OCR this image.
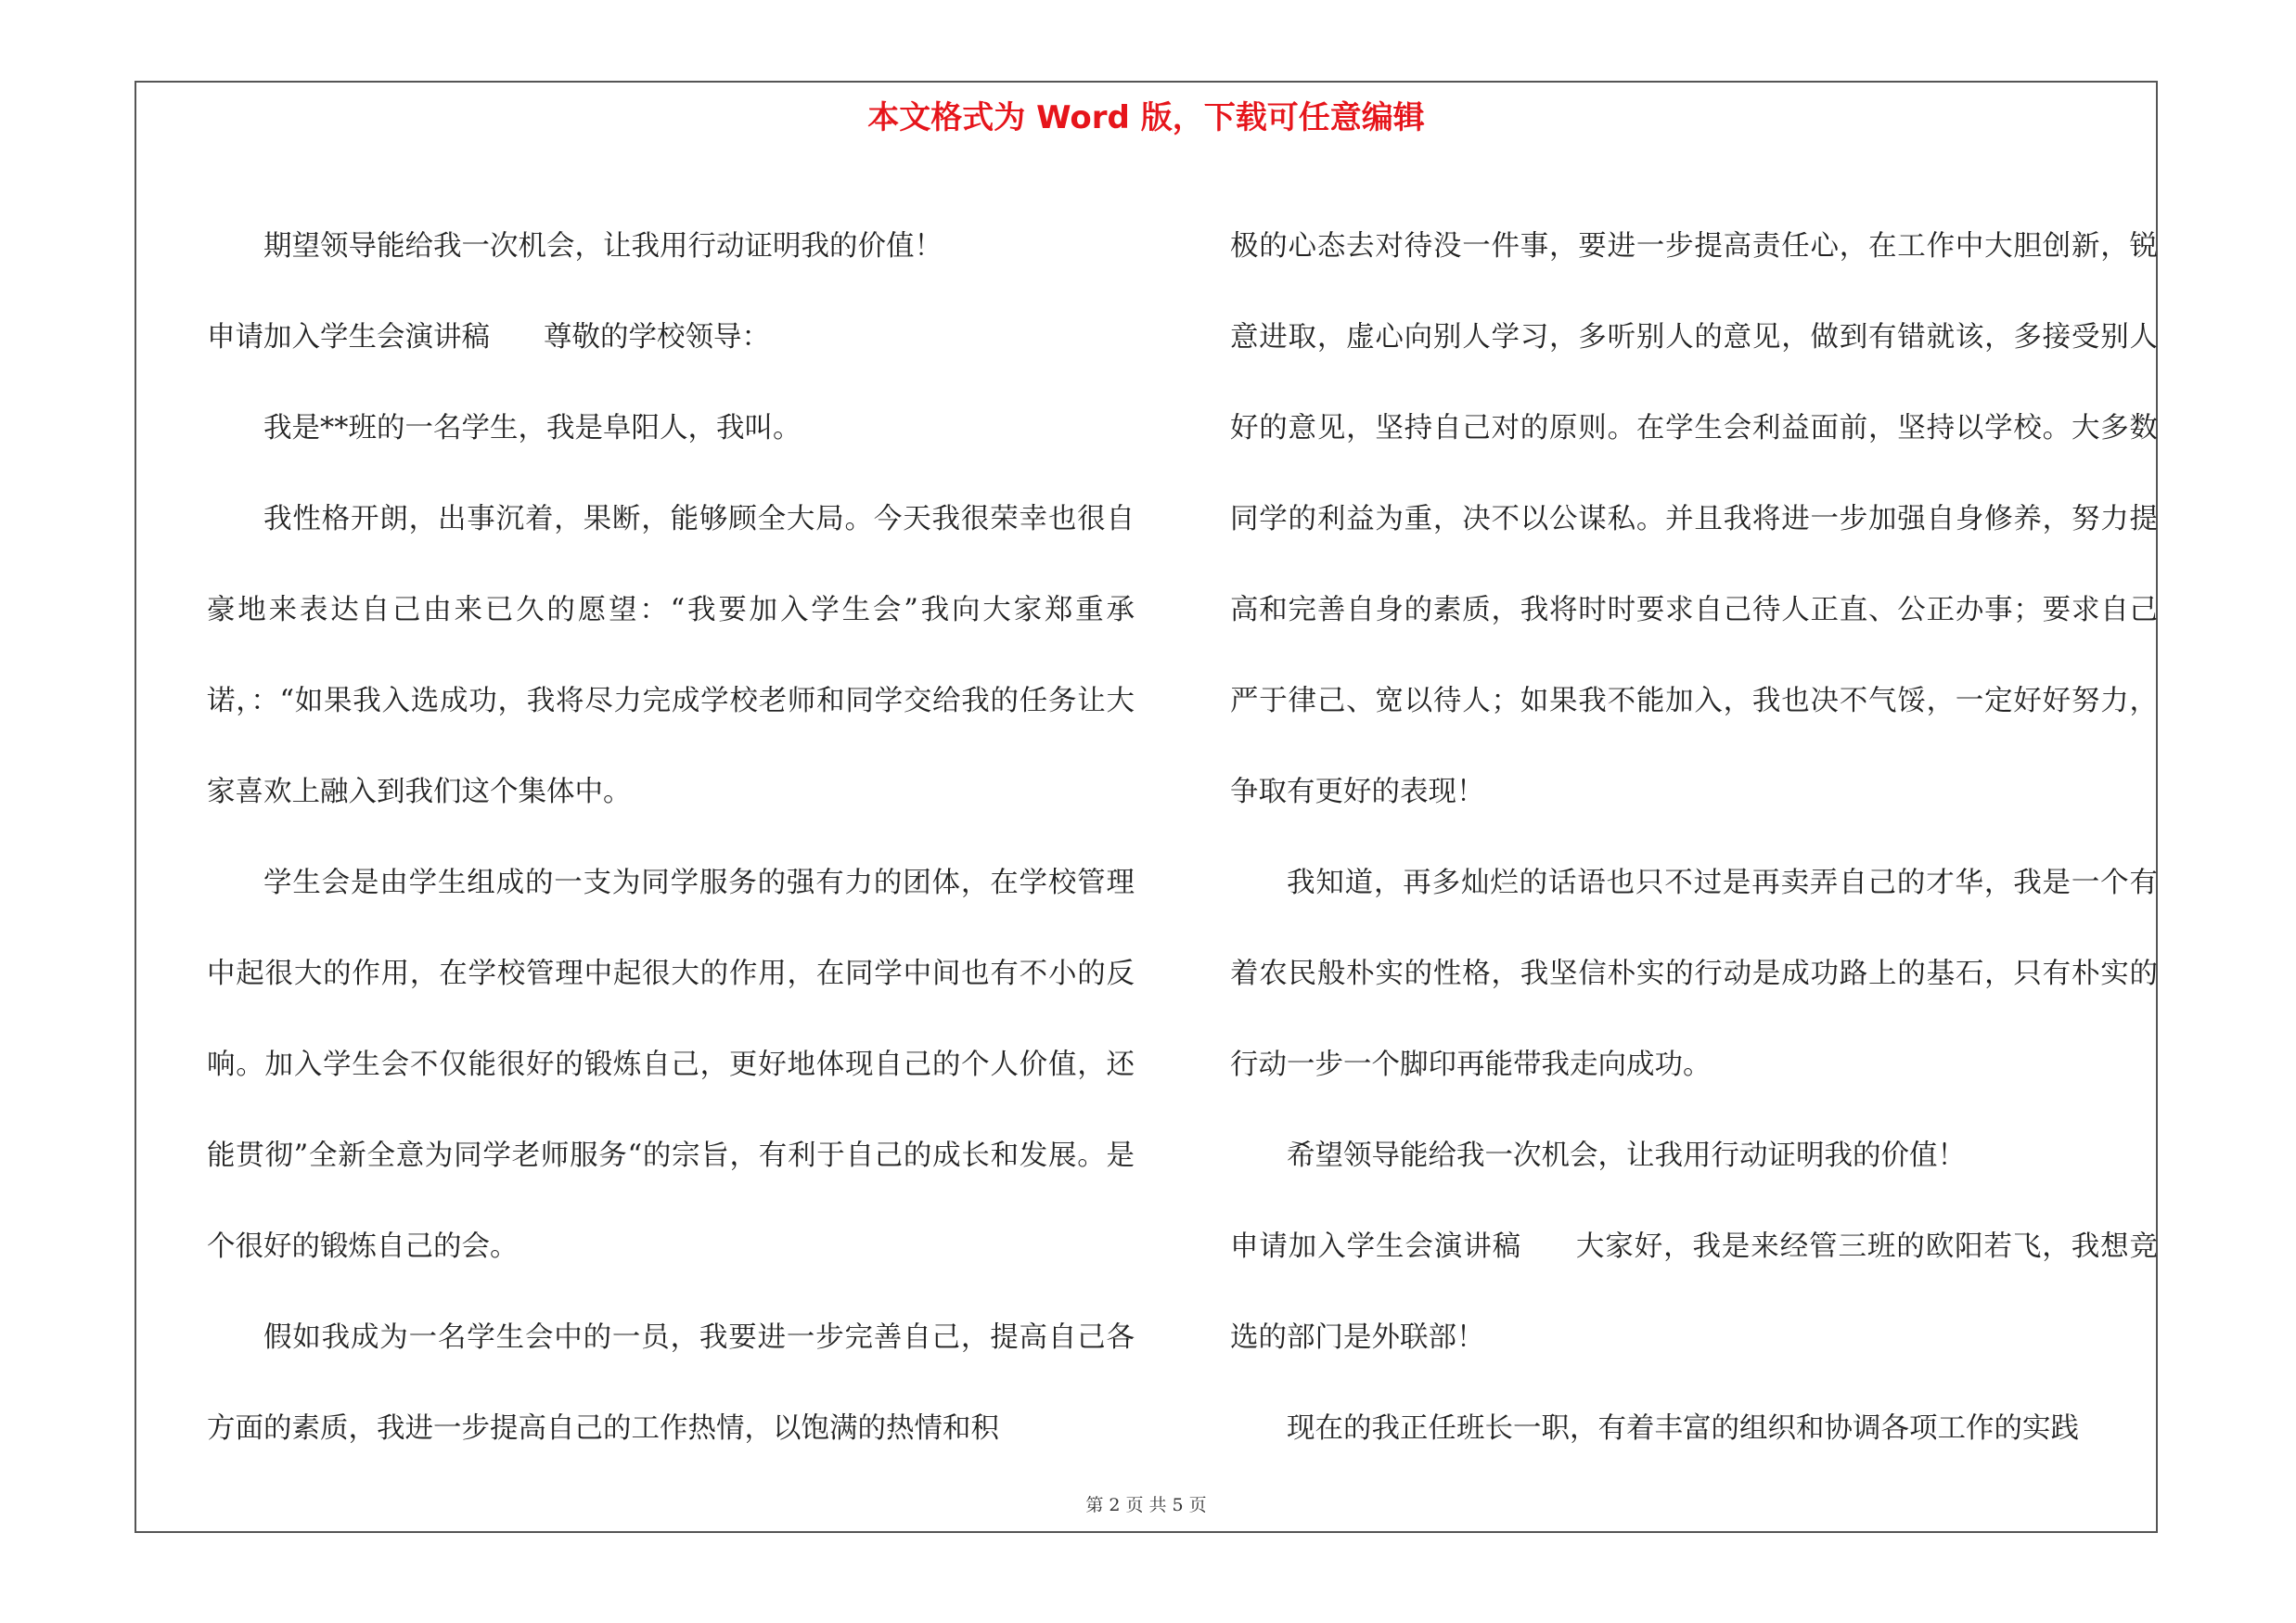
本文格式为 Word 版，下载可任意编辑

期望领导能给我一次机会，让我用行动证明我的价值！

申请加入学生会演讲稿 尊敬的学校领导：

我是**班的一名学生，我是阜阳人，我叫。

我性格开朗，出事沉着，果断，能够顾全大局。今天我很荣幸也很自豪地来表达自己由来已久的愿望：“我要加入学生会”我向大家郑重承诺，：“如果我入选成功，我将尽力完成学校老师和同学交给我的任务让大家喜欢上融入到我们这个集体中。

学生会是由学生组成的一支为同学服务的强有力的团体，在学校管理中起很大的作用，在学校管理中起很大的作用，在同学中间也有不小的反响。加入学生会不仅能很好的锻炼自己，更好地体现自己的个人价值，还能贯彻”全新全意为同学老师服务“的宗旨，有利于自己的成长和发展。是个很好的锻炼自己的会。

假如我成为一名学生会中的一员，我要进一步完善自己，提高自己各方面的素质，我进一步提高自己的工作热情，以饱满的热情和积

极的心态去对待没一件事，要进一步提高责任心，在工作中大胆创新，锐意进取，虚心向别人学习，多听别人的意见，做到有错就该，多接受别人好的意见，坚持自己对的原则。在学生会利益面前，坚持以学校。大多数同学的利益为重，决不以公谋私。并且我将进一步加强自身修养，努力提高和完善自身的素质，我将时时要求自己待人正直、公正办事；要求自己严于律己、宽以待人；如果我不能加入，我也决不气馁，一定好好努力，争取有更好的表现！

我知道，再多灿烂的话语也只不过是再卖弄自己的才华，我是一个有着农民般朴实的性格，我坚信朴实的行动是成功路上的基石，只有朴实的行动一步一个脚印再能带我走向成功。

希望领导能给我一次机会，让我用行动证明我的价值！

申请加入学生会演讲稿 大家好，我是来经管三班的欧阳若飞，我想竞选的部门是外联部！

现在的我正任班长一职，有着丰富的组织和协调各项工作的实践

第 2 页 共 5 页
